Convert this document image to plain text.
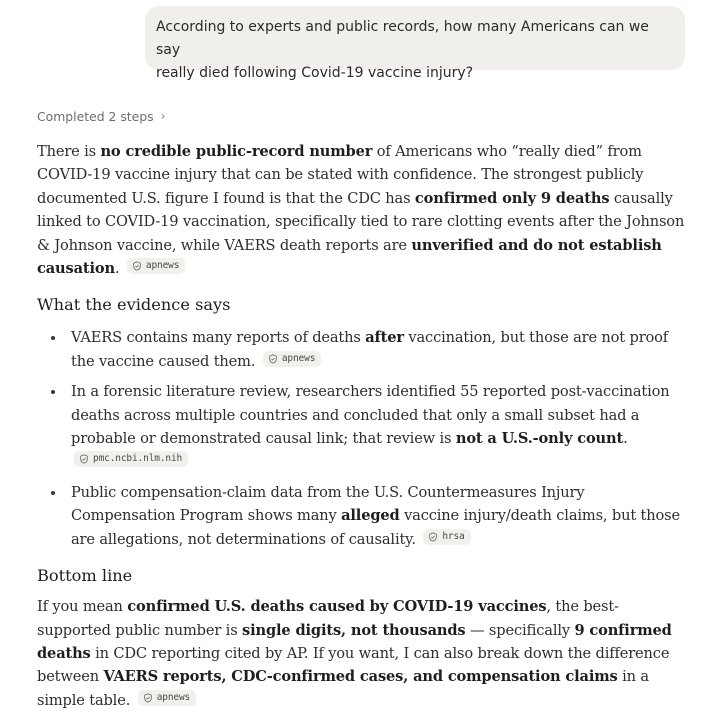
According to experts and public records, how many Americans can we say
really died following Covid-19 vaccine injury?
Completed 2 steps ›

There is no credible public-record number of Americans who “really died” from COVID-19 vaccine injury that can be stated with confidence. The strongest publicly documented U.S. figure I found is that the CDC has confirmed only 9 deaths causally linked to COVID-19 vaccination, specifically tied to rare clotting events after the Johnson & Johnson vaccine, while VAERS death reports are unverified and do not establish causation.	apnews

What the evidence says
VAERS contains many reports of deaths after vaccination, but those are not proof the vaccine caused them.	apnews
In a forensic literature review, researchers identified 55 reported post-vaccination deaths across multiple countries and concluded that only a small subset had a probable or demonstrated causal link; that review is not a U.S.-only count.
pmc.ncbi.nlm.nih
Public compensation-claim data from the U.S. Countermeasures Injury Compensation Program shows many alleged vaccine injury/death claims, but those are allegations, not determinations of causality.	hrsa
Bottom line

If you mean confirmed U.S. deaths caused by COVID-19 vaccines, the best-supported public number is single digits, not thousands — specifically 9 confirmed deaths in CDC reporting cited by AP. If you want, I can also break down the difference between VAERS reports, CDC-confirmed cases, and compensation claims in a simple table.	apnews
